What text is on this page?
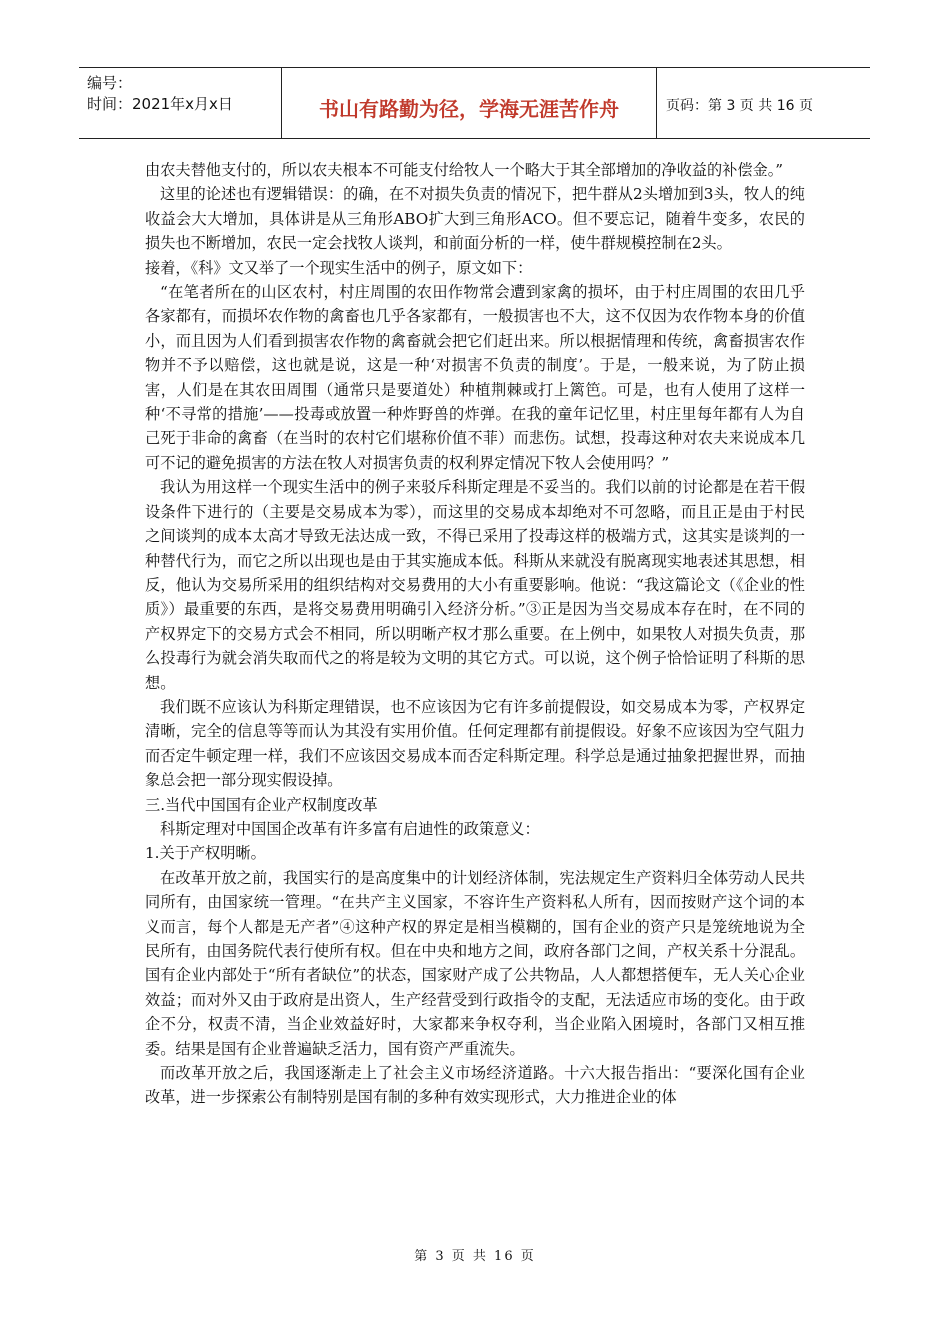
编号：
时间：2021年x月x日	书山有路勤为径，学海无涯苦作舟	页码：第 3 页 共 16 页

由农夫替他支付的，所以农夫根本不可能支付给牧人一个略大于其全部增加的净收益的补偿金。”

这里的论述也有逻辑错误：的确，在不对损失负责的情况下，把牛群从2头增加到3头，牧人的纯收益会大大增加，具体讲是从三角形ABO扩大到三角形ACO。但不要忘记，随着牛变多，农民的损失也不断增加，农民一定会找牧人谈判，和前面分析的一样，使牛群规模控制在2头。

接着，《科》文又举了一个现实生活中的例子，原文如下：

“在笔者所在的山区农村，村庄周围的农田作物常会遭到家禽的损坏，由于村庄周围的农田几乎各家都有，而损坏农作物的禽畜也几乎各家都有，一般损害也不大，这不仅因为农作物本身的价值小，而且因为人们看到损害农作物的禽畜就会把它们赶出来。所以根据情理和传统，禽畜损害农作物并不予以赔偿，这也就是说，这是一种‘对损害不负责的制度’。于是，一般来说，为了防止损害，人们是在其农田周围（通常只是要道处）种植荆棘或打上篱笆。可是，也有人使用了这样一种‘不寻常的措施’——投毒或放置一种炸野兽的炸弹。在我的童年记忆里，村庄里每年都有人为自己死于非命的禽畜（在当时的农村它们堪称价值不菲）而悲伤。试想，投毒这种对农夫来说成本几可不记的避免损害的方法在牧人对损害负责的权利界定情况下牧人会使用吗？”

我认为用这样一个现实生活中的例子来驳斥科斯定理是不妥当的。我们以前的讨论都是在若干假设条件下进行的（主要是交易成本为零），而这里的交易成本却绝对不可忽略，而且正是由于村民之间谈判的成本太高才导致无法达成一致，不得已采用了投毒这样的极端方式，这其实是谈判的一种替代行为，而它之所以出现也是由于其实施成本低。科斯从来就没有脱离现实地表述其思想，相反，他认为交易所采用的组织结构对交易费用的大小有重要影响。他说：“我这篇论文（《企业的性质》）最重要的东西，是将交易费用明确引入经济分析。”③正是因为当交易成本存在时，在不同的产权界定下的交易方式会不相同，所以明晰产权才那么重要。在上例中，如果牧人对损失负责，那么投毒行为就会消失取而代之的将是较为文明的其它方式。可以说，这个例子恰恰证明了科斯的思想。

我们既不应该认为科斯定理错误，也不应该因为它有许多前提假设，如交易成本为零，产权界定清晰，完全的信息等等而认为其没有实用价值。任何定理都有前提假设。好象不应该因为空气阻力而否定牛顿定理一样，我们不应该因交易成本而否定科斯定理。科学总是通过抽象把握世界，而抽象总会把一部分现实假设掉。

三.当代中国国有企业产权制度改革

科斯定理对中国国企改革有许多富有启迪性的政策意义：

1.关于产权明晰。

在改革开放之前，我国实行的是高度集中的计划经济体制，宪法规定生产资料归全体劳动人民共同所有，由国家统一管理。“在共产主义国家，不容许生产资料私人所有，因而按财产这个词的本义而言，每个人都是无产者”④这种产权的界定是相当模糊的，国有企业的资产只是笼统地说为全民所有，由国务院代表行使所有权。但在中央和地方之间，政府各部门之间，产权关系十分混乱。国有企业内部处于“所有者缺位”的状态，国家财产成了公共物品，人人都想搭便车，无人关心企业效益；而对外又由于政府是出资人，生产经营受到行政指令的支配，无法适应市场的变化。由于政企不分，权责不清，当企业效益好时，大家都来争权夺利，当企业陷入困境时，各部门又相互推委。结果是国有企业普遍缺乏活力，国有资产严重流失。

而改革开放之后，我国逐渐走上了社会主义市场经济道路。十六大报告指出：“要深化国有企业改革，进一步探索公有制特别是国有制的多种有效实现形式，大力推进企业的体

第 3 页 共 16 页
